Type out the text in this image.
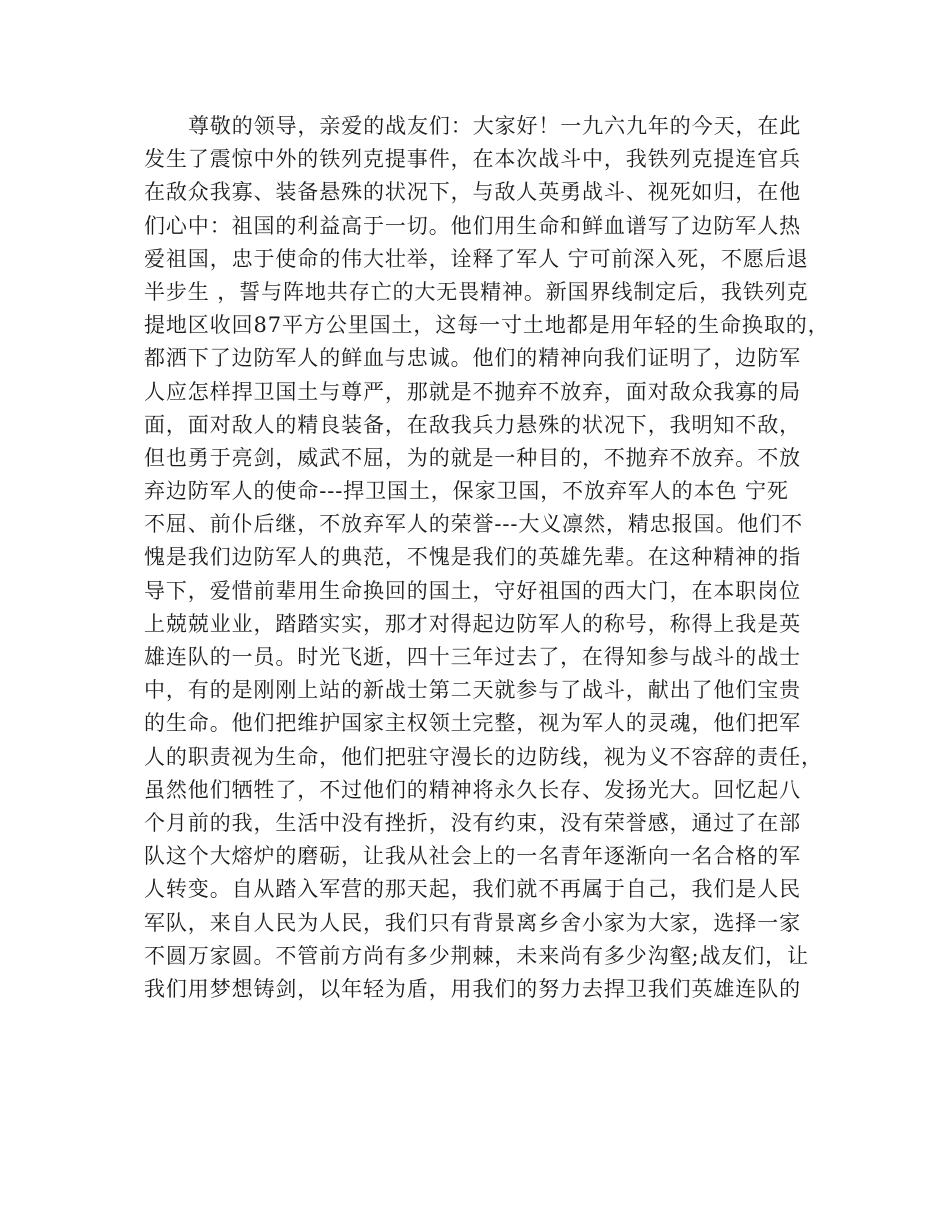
尊敬的领导，亲爱的战友们：大家好！一九六九年的今天，在此
发生了震惊中外的铁列克提事件，在本次战斗中，我铁列克提连官兵
在敌众我寡、装备悬殊的状况下，与敌人英勇战斗、视死如归，在他
们心中：祖国的利益高于一切。他们用生命和鲜血谱写了边防军人热
爱祖国，忠于使命的伟大壮举，诠释了军人 宁可前深入死，不愿后退
半步生 ，誓与阵地共存亡的大无畏精神。新国界线制定后，我铁列克
提地区收回87平方公里国土，这每一寸土地都是用年轻的生命换取的，
都洒下了边防军人的鲜血与忠诚。他们的精神向我们证明了，边防军
人应怎样捍卫国土与尊严，那就是不抛弃不放弃，面对敌众我寡的局
面，面对敌人的精良装备，在敌我兵力悬殊的状况下，我明知不敌，
但也勇于亮剑，威武不屈，为的就是一种目的，不抛弃不放弃。不放
弃边防军人的使命---捍卫国土，保家卫国，不放弃军人的本色 宁死
不屈、前仆后继，不放弃军人的荣誉---大义凛然，精忠报国。他们不
愧是我们边防军人的典范，不愧是我们的英雄先辈。在这种精神的指
导下，爱惜前辈用生命换回的国土，守好祖国的西大门，在本职岗位
上兢兢业业，踏踏实实，那才对得起边防军人的称号，称得上我是英
雄连队的一员。时光飞逝，四十三年过去了，在得知参与战斗的战士
中，有的是刚刚上站的新战士第二天就参与了战斗，献出了他们宝贵
的生命。他们把维护国家主权领土完整，视为军人的灵魂，他们把军
人的职责视为生命，他们把驻守漫长的边防线，视为义不容辞的责任，
虽然他们牺牲了，不过他们的精神将永久长存、发扬光大。回忆起八
个月前的我，生活中没有挫折，没有约束，没有荣誉感，通过了在部
队这个大熔炉的磨砺，让我从社会上的一名青年逐渐向一名合格的军
人转变。自从踏入军营的那天起，我们就不再属于自己，我们是人民
军队，来自人民为人民，我们只有背景离乡舍小家为大家，选择一家
不圆万家圆。不管前方尚有多少荆棘，未来尚有多少沟壑;战友们，让
我们用梦想铸剑，以年轻为盾，用我们的努力去捍卫我们英雄连队的
